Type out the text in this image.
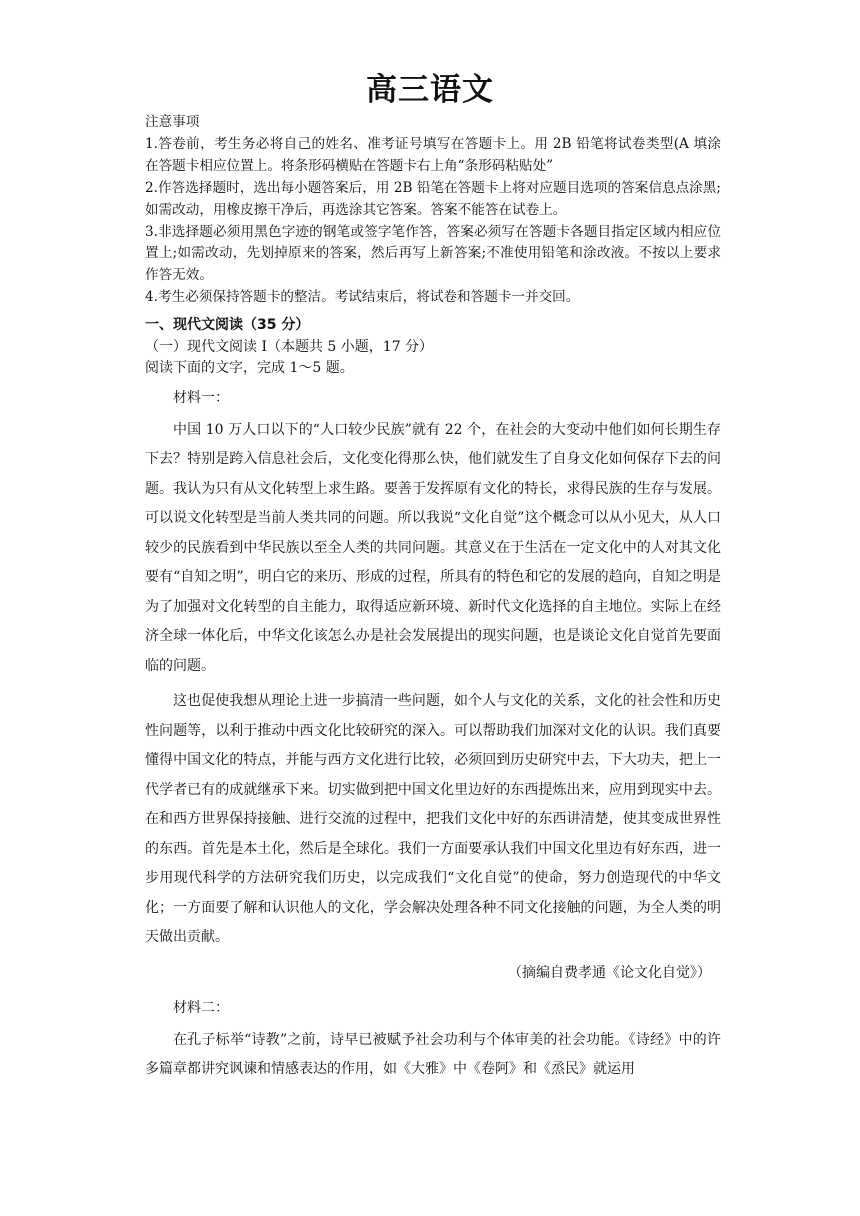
高三语文

注意事项

1.答卷前，考生务必将自己的姓名、准考证号填写在答题卡上。用 2B 铅笔将试卷类型(A 填涂在答题卡相应位置上。将条形码横贴在答题卡右上角“条形码粘贴处”

2.作答选择题时，选出每小题答案后，用 2B 铅笔在答题卡上将对应题目选项的答案信息点涂黑;如需改动，用橡皮擦干净后，再选涂其它答案。答案不能答在试卷上。

3.非选择题必须用黑色字迹的钢笔或签字笔作答，答案必须写在答题卡各题目指定区域内相应位置上;如需改动，先划掉原来的答案，然后再写上新答案;不准使用铅笔和涂改液。不按以上要求作答无效。

4.考生必须保持答题卡的整洁。考试结束后，将试卷和答题卡一并交回。

一、现代文阅读（35 分）
（一）现代文阅读 I（本题共 5 小题，17 分）
阅读下面的文字，完成 1～5 题。

材料一：

中国 10 万人口以下的“人口较少民族”就有 22 个，在社会的大变动中他们如何长期生存下去？特别是跨入信息社会后，文化变化得那么快，他们就发生了自身文化如何保存下去的问题。我认为只有从文化转型上求生路。要善于发挥原有文化的特长，求得民族的生存与发展。可以说文化转型是当前人类共同的问题。所以我说“文化自觉”这个概念可以从小见大，从人口较少的民族看到中华民族以至全人类的共同问题。其意义在于生活在一定文化中的人对其文化要有“自知之明”，明白它的来历、形成的过程，所具有的特色和它的发展的趋向，自知之明是为了加强对文化转型的自主能力，取得适应新环境、新时代文化选择的自主地位。实际上在经济全球一体化后，中华文化该怎么办是社会发展提出的现实问题，也是谈论文化自觉首先要面临的问题。

这也促使我想从理论上进一步搞清一些问题，如个人与文化的关系，文化的社会性和历史性问题等，以利于推动中西文化比较研究的深入。可以帮助我们加深对文化的认识。我们真要懂得中国文化的特点，并能与西方文化进行比较，必须回到历史研究中去，下大功夫，把上一代学者已有的成就继承下来。切实做到把中国文化里边好的东西提炼出来，应用到现实中去。在和西方世界保持接触、进行交流的过程中，把我们文化中好的东西讲清楚，使其变成世界性的东西。首先是本土化，然后是全球化。我们一方面要承认我们中国文化里边有好东西，进一步用现代科学的方法研究我们历史，以完成我们“文化自觉”的使命，努力创造现代的中华文化；一方面要了解和认识他人的文化，学会解决处理各种不同文化接触的问题，为全人类的明天做出贡献。

（摘编自费孝通《论文化自觉》）

材料二：

在孔子标举“诗教”之前，诗早已被赋予社会功利与个体审美的社会功能。《诗经》中的许多篇章都讲究讽谏和情感表达的作用，如《大雅》中《卷阿》和《烝民》就运用
